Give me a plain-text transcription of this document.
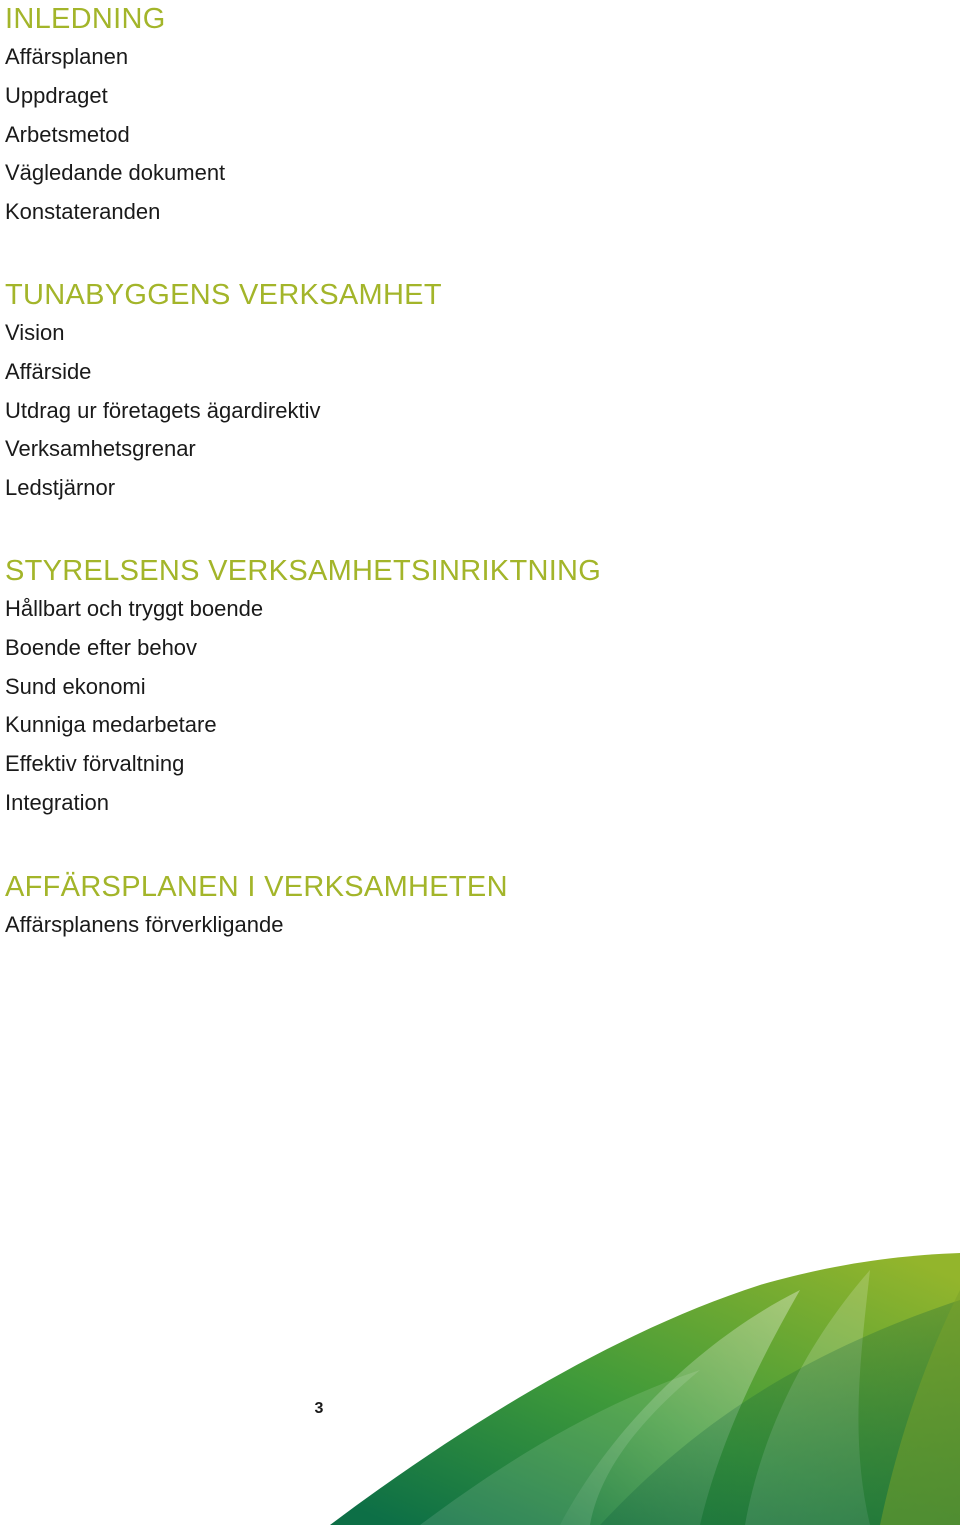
INLEDNING
Affärsplanen
Uppdraget
Arbetsmetod
Vägledande dokument
Konstateranden
TUNABYGGENS VERKSAMHET
Vision
Affärside
Utdrag ur företagets ägardirektiv
Verksamhetsgrenar
Ledstjärnor
STYRELSENS VERKSAMHETSINRIKTNING
Hållbart och tryggt boende
Boende efter behov
Sund ekonomi
Kunniga medarbetare
Effektiv förvaltning
Integration
AFFÄRSPLANEN I VERKSAMHETEN
Affärsplanens förverkligande
3
